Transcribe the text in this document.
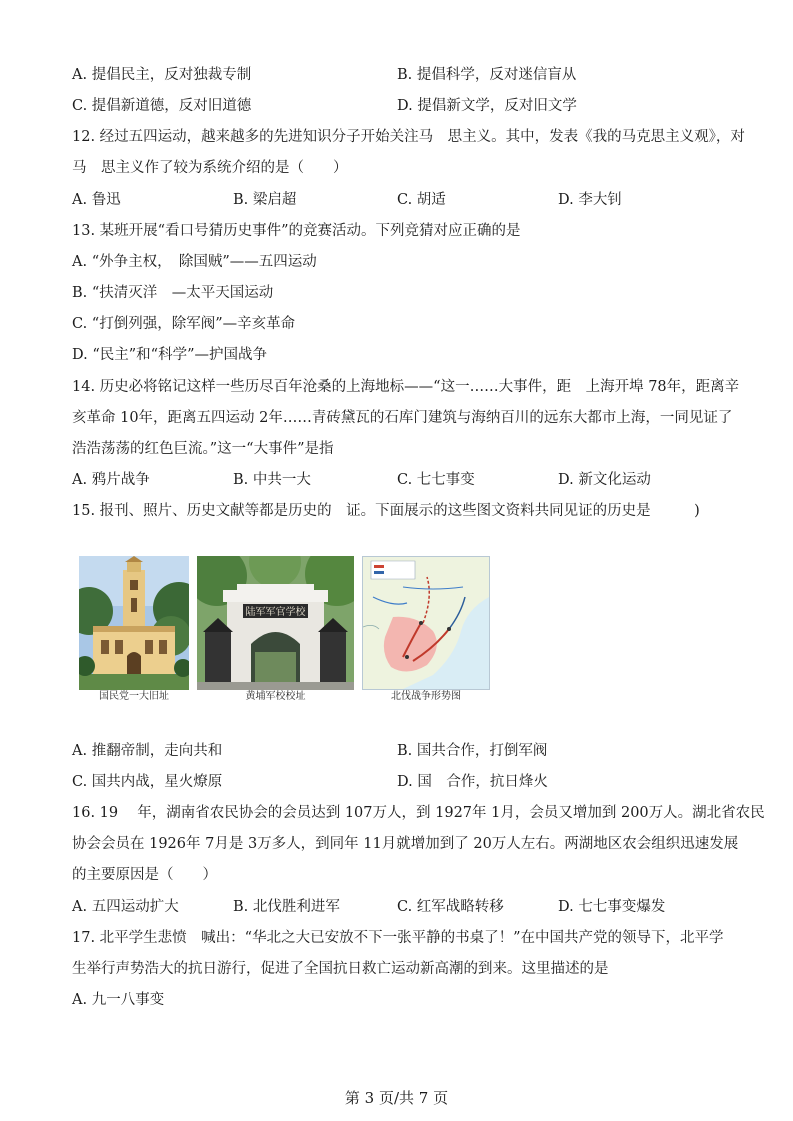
A. 提倡民主，反对独裁专制	B. 提倡科学，反对迷信盲从
C. 提倡新道德，反对旧道德	D. 提倡新文学，反对旧文学
12. 经过五四运动，越来越多的先进知识分子开始关注马　思主义。其中，发表《我的马克思主义观》，对
马　思主义作了较为系统介绍的是（　　）
A. 鲁迅	B. 梁启超	C. 胡适	D. 李大钊
13. 某班开展“看口号猜历史事件”的竞赛活动。下列竞猜对应正确的是
A. “外争主权，　除国贼”——五四运动
B. “扶清灭洋　—太平天国运动
C. “打倒列强，除军阀”—辛亥革命
D. “民主”和“科学”—护国战争
14. 历史必将铭记这样一些历尽百年沧桑的上海地标——“这一……大事件，距　上海开埠 78年，距离辛
亥革命 10年，距离五四运动 2年……青砖黛瓦的石库门建筑与海纳百川的远东大都市上海，一同见证了
浩浩荡荡的红色巨流。”这一“大事件”是指
A. 鸦片战争	B. 中共一大	C. 七七事变	D. 新文化运动
15. 报刊、照片、历史文献等都是历史的　证。下面展示的这些图文资料共同见证的历史是　　　)
国民党一大旧址
陆军军官学校
黄埔军校校址	北伐战争形势图
A. 推翻帝制，走向共和	B. 国共合作，打倒军阀
C. 国共内战，星火燎原	D. 国　合作，抗日烽火
16. 19　 年，湖南省农民协会的会员达到 107万人，到 1927年 1月，会员又增加到 200万人。湖北省农民
协会会员在 1926年 7月是 3万多人，到同年 11月就增加到了 20万人左右。两湖地区农会组织迅速发展
的主要原因是（　　）
A. 五四运动扩大	B. 北伐胜利进军	C. 红军战略转移	D. 七七事变爆发
17. 北平学生悲愤　喊出：“华北之大已安放不下一张平静的书桌了！”在中国共产党的领导下，北平学
生举行声势浩大的抗日游行，促进了全国抗日救亡运动新高潮的到来。这里描述的是
A. 九一八事变
第 3 页/共 7 页
